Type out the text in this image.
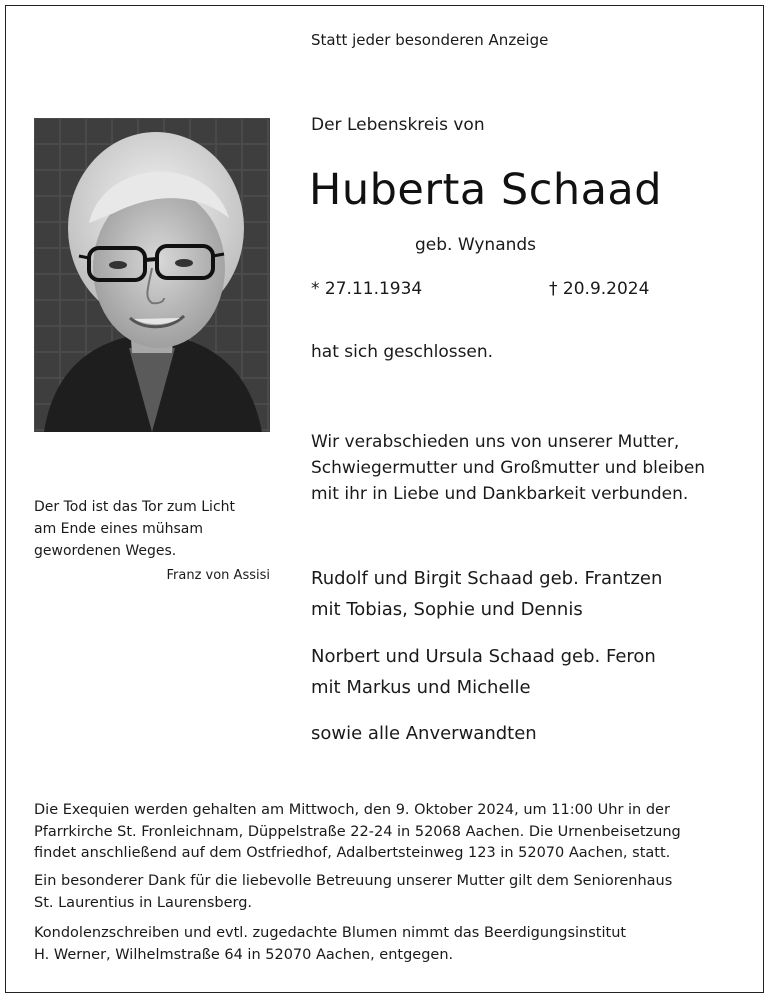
Statt jeder besonderen Anzeige
Der Lebenskreis von
Huberta Schaad
geb. Wynands
* 27.11.1934	† 20.9.2024
hat sich geschlossen.
Wir verabschieden uns von unserer Mutter,
Schwiegermutter und Großmutter und bleiben
mit ihr in Liebe und Dankbarkeit verbunden.
Rudolf und Birgit Schaad geb. Frantzen
mit Tobias, Sophie und Dennis
Norbert und Ursula Schaad geb. Feron
mit Markus und Michelle
sowie alle Anverwandten
Der Tod ist das Tor zum Licht
am Ende eines mühsam
gewordenen Weges.
Franz von Assisi
Die Exequien werden gehalten am Mittwoch, den 9. Oktober 2024, um 11:00 Uhr in der
Pfarrkirche St. Fronleichnam, Düppelstraße 22-24 in 52068 Aachen. Die Urnenbeisetzung
findet anschließend auf dem Ostfriedhof, Adalbertsteinweg 123 in 52070 Aachen, statt.
Ein besonderer Dank für die liebevolle Betreuung unserer Mutter gilt dem Seniorenhaus
St. Laurentius in Laurensberg.
Kondolenzschreiben und evtl. zugedachte Blumen nimmt das Beerdigungsinstitut
H. Werner, Wilhelmstraße 64 in 52070 Aachen, entgegen.
